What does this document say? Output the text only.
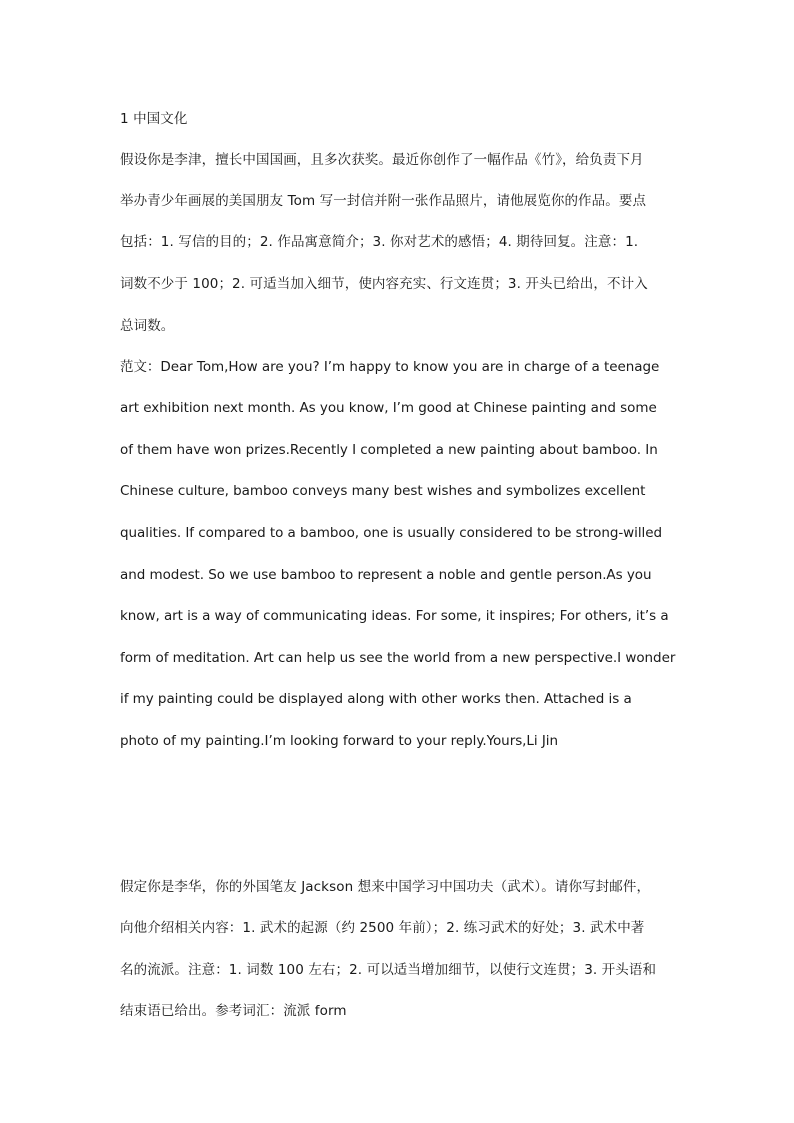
1 中国文化
假设你是李津，擅长中国国画，且多次获奖。最近你创作了一幅作品《竹》，给负责下月
举办青少年画展的美国朋友 Tom 写一封信并附一张作品照片，请他展览你的作品。要点
包括：1. 写信的目的；2. 作品寓意简介；3. 你对艺术的感悟；4. 期待回复。注意：1.
词数不少于 100；2. 可适当加入细节，使内容充实、行文连贯；3. 开头已给出，不计入
总词数。
范文：Dear Tom,How are you? I’m happy to know you are in charge of a teenage
art exhibition next month. As you know, I’m good at Chinese painting and some
of them have won prizes.Recently I completed a new painting about bamboo. In
Chinese culture, bamboo conveys many best wishes and symbolizes excellent
qualities. If compared to a bamboo, one is usually considered to be strong-willed
and modest. So we use bamboo to represent a noble and gentle person.As you
know, art is a way of communicating ideas. For some, it inspires; For others, it’s a
form of meditation. Art can help us see the world from a new perspective.I wonder
if my painting could be displayed along with other works then. Attached is a
photo of my painting.I’m looking forward to your reply.Yours,Li Jin
假定你是李华，你的外国笔友 Jackson 想来中国学习中国功夫（武术）。请你写封邮件，
向他介绍相关内容：1. 武术的起源（约 2500 年前）；2. 练习武术的好处；3. 武术中著
名的流派。注意：1. 词数 100 左右；2. 可以适当增加细节，以使行文连贯；3. 开头语和
结束语已给出。参考词汇：流派 form
